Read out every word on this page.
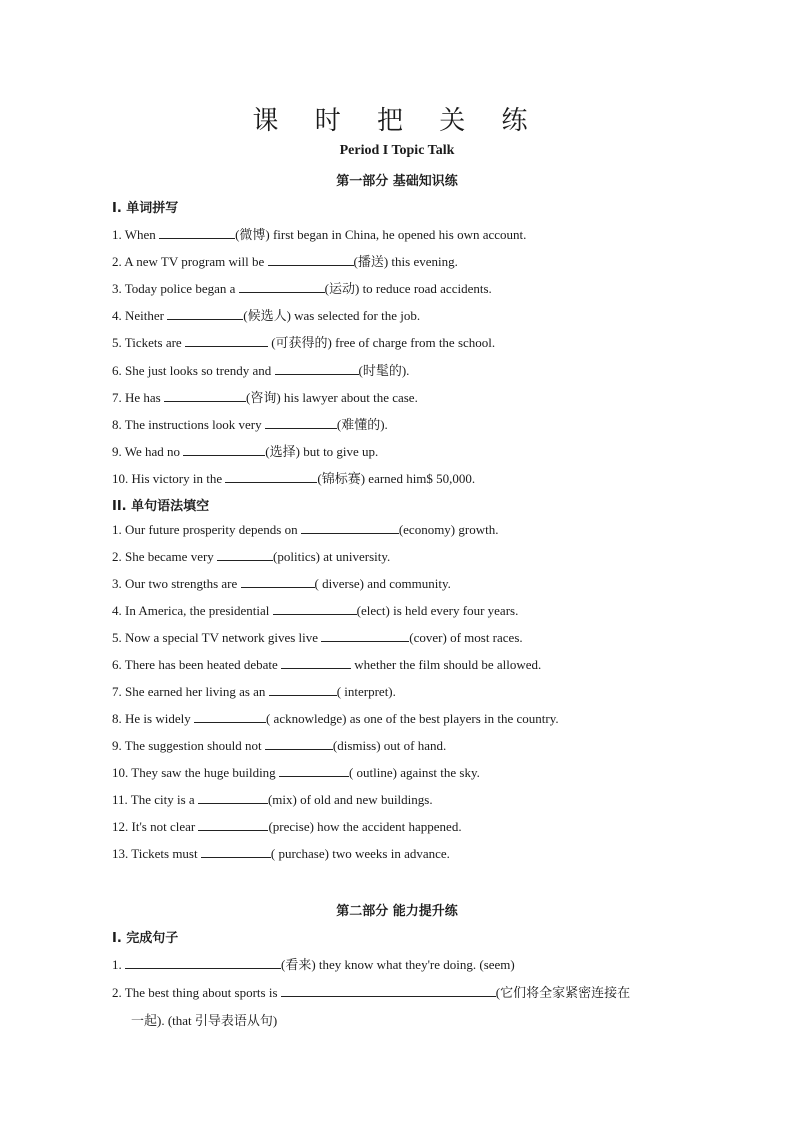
课 时 把 关 练
Period I Topic Talk
第一部分 基础知识练
I. 单词拼写
1. When	(微博) first began in China, he opened his own account.
2. A new TV program will be	(播送) this evening.
3. Today police began a	(运动) to reduce road accidents.
4. Neither	(候选人) was selected for the job.
5. Tickets are	(可获得的) free of charge from the school.
6. She just looks so trendy and	(时髦的).
7. He has	(咨询) his lawyer about the case.
8. The instructions look very	(难懂的).
9. We had no	(选择) but to give up.
10. His victory in the	(锦标赛) earned him$ 50,000.
II. 单句语法填空
1. Our future prosperity depends on	(economy) growth.
2. She became very	(politics) at university.
3. Our two strengths are	( diverse) and community.
4. In America, the presidential	(elect) is held every four years.
5. Now a special TV network gives live	(cover) of most races.
6. There has been heated debate	whether the film should be allowed.
7. She earned her living as an	( interpret).
8. He is widely	( acknowledge) as one of the best players in the country.
9. The suggestion should not	(dismiss) out of hand.
10. They saw the huge building	( outline) against the sky.
11. The city is a	(mix) of old and new buildings.
12. It's not clear	(precise) how the accident happened.
13. Tickets must	( purchase) two weeks in advance.
第二部分 能力提升练
I. 完成句子
1.	(看来) they know what they're doing. (seem)
2. The best thing about sports is	(它们将全家紧密连接在
一起). (that 引导表语从句)
